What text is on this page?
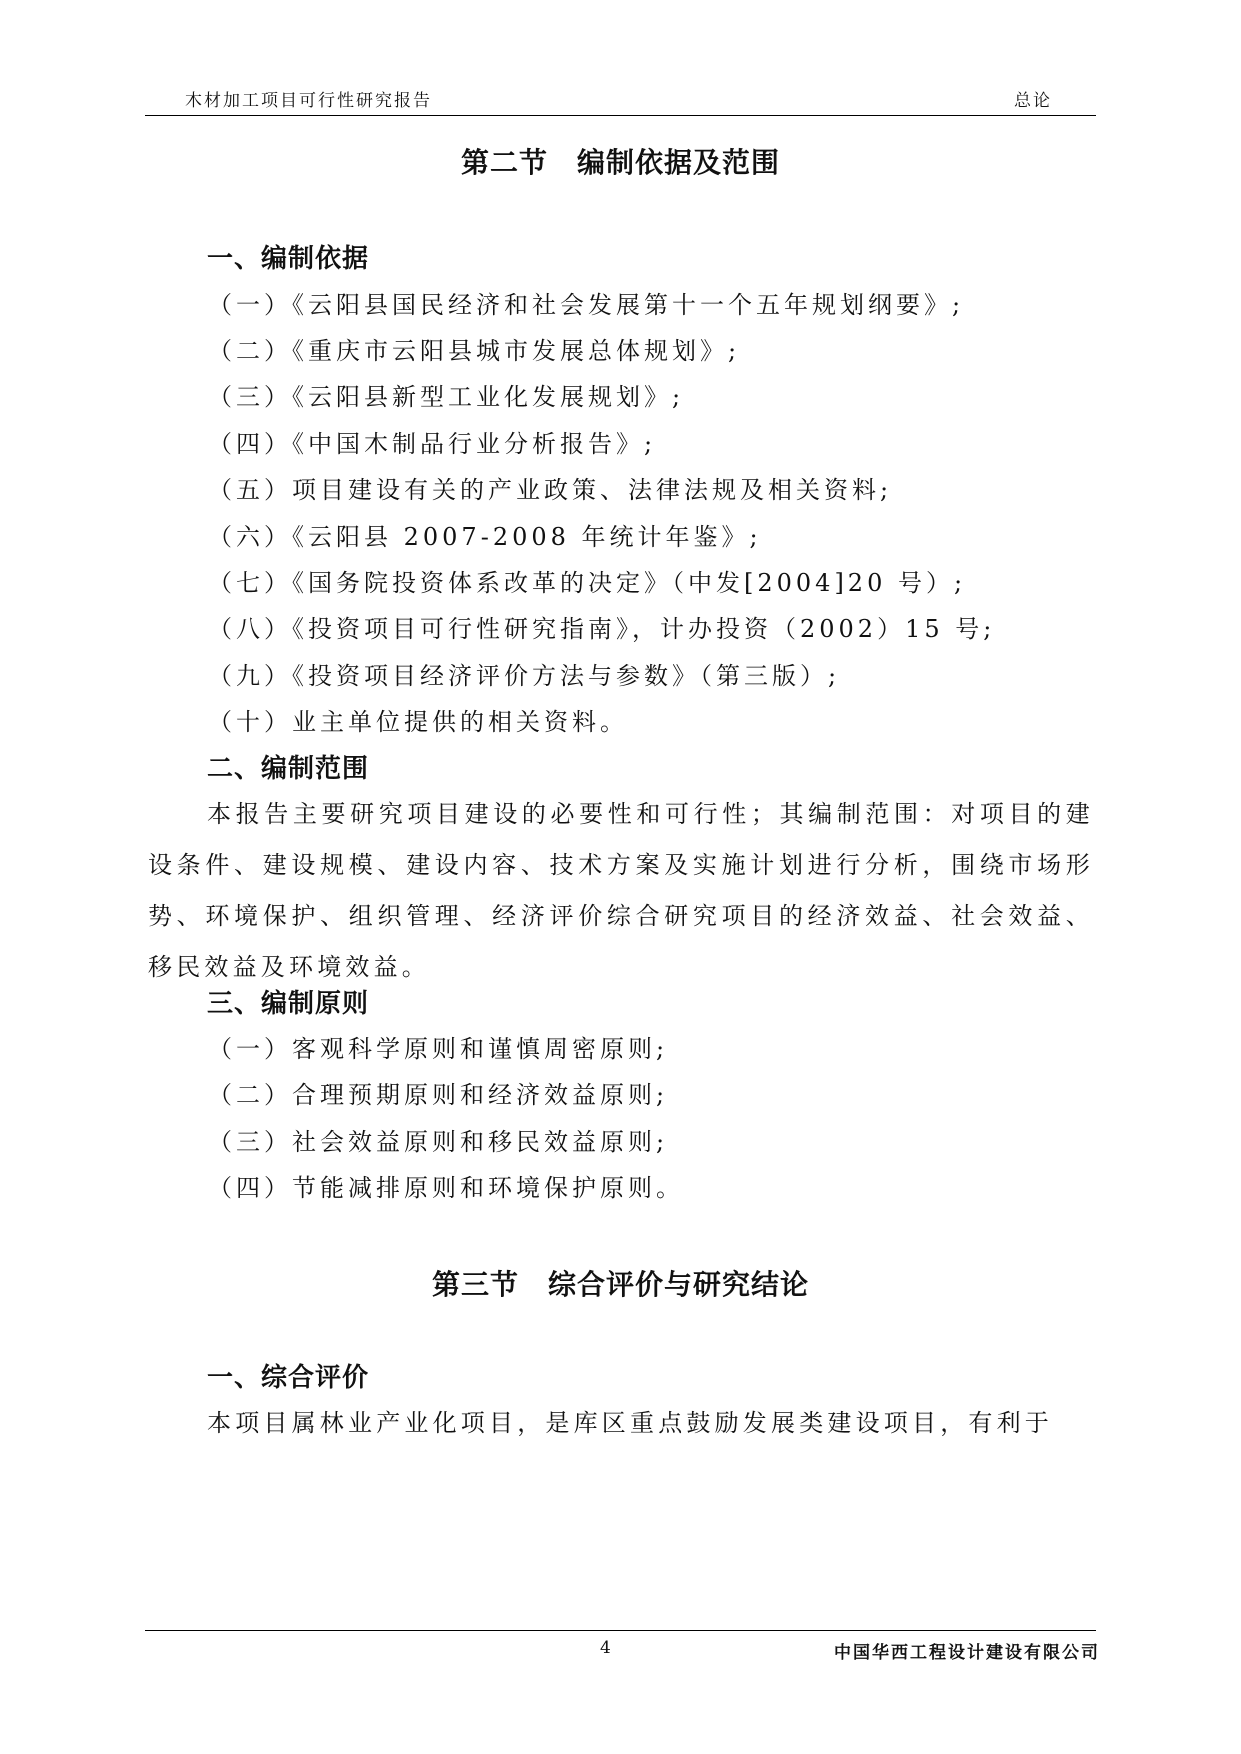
木材加工项目可行性研究报告	总论
第二节　编制依据及范围
一、编制依据
（一）《云阳县国民经济和社会发展第十一个五年规划纲要》;
（二）《重庆市云阳县城市发展总体规划》;
（三）《云阳县新型工业化发展规划》;
（四）《中国木制品行业分析报告》;
（五）项目建设有关的产业政策、法律法规及相关资料;
（六）《云阳县 2007-2008 年统计年鉴》;
（七）《国务院投资体系改革的决定》（中发[2004]20 号）;
（八）《投资项目可行性研究指南》，计办投资（2002）15 号;
（九）《投资项目经济评价方法与参数》（第三版）;
（十）业主单位提供的相关资料。
二、编制范围
本报告主要研究项目建设的必要性和可行性；其编制范围：对项目的建设条件、建设规模、建设内容、技术方案及实施计划进行分析，围绕市场形势、环境保护、组织管理、经济评价综合研究项目的经济效益、社会效益、移民效益及环境效益。
三、编制原则
（一）客观科学原则和谨慎周密原则;
（二）合理预期原则和经济效益原则;
（三）社会效益原则和移民效益原则;
（四）节能减排原则和环境保护原则。
第三节　综合评价与研究结论
一、综合评价
本项目属林业产业化项目，是库区重点鼓励发展类建设项目，有利于
4	中国华西工程设计建设有限公司
